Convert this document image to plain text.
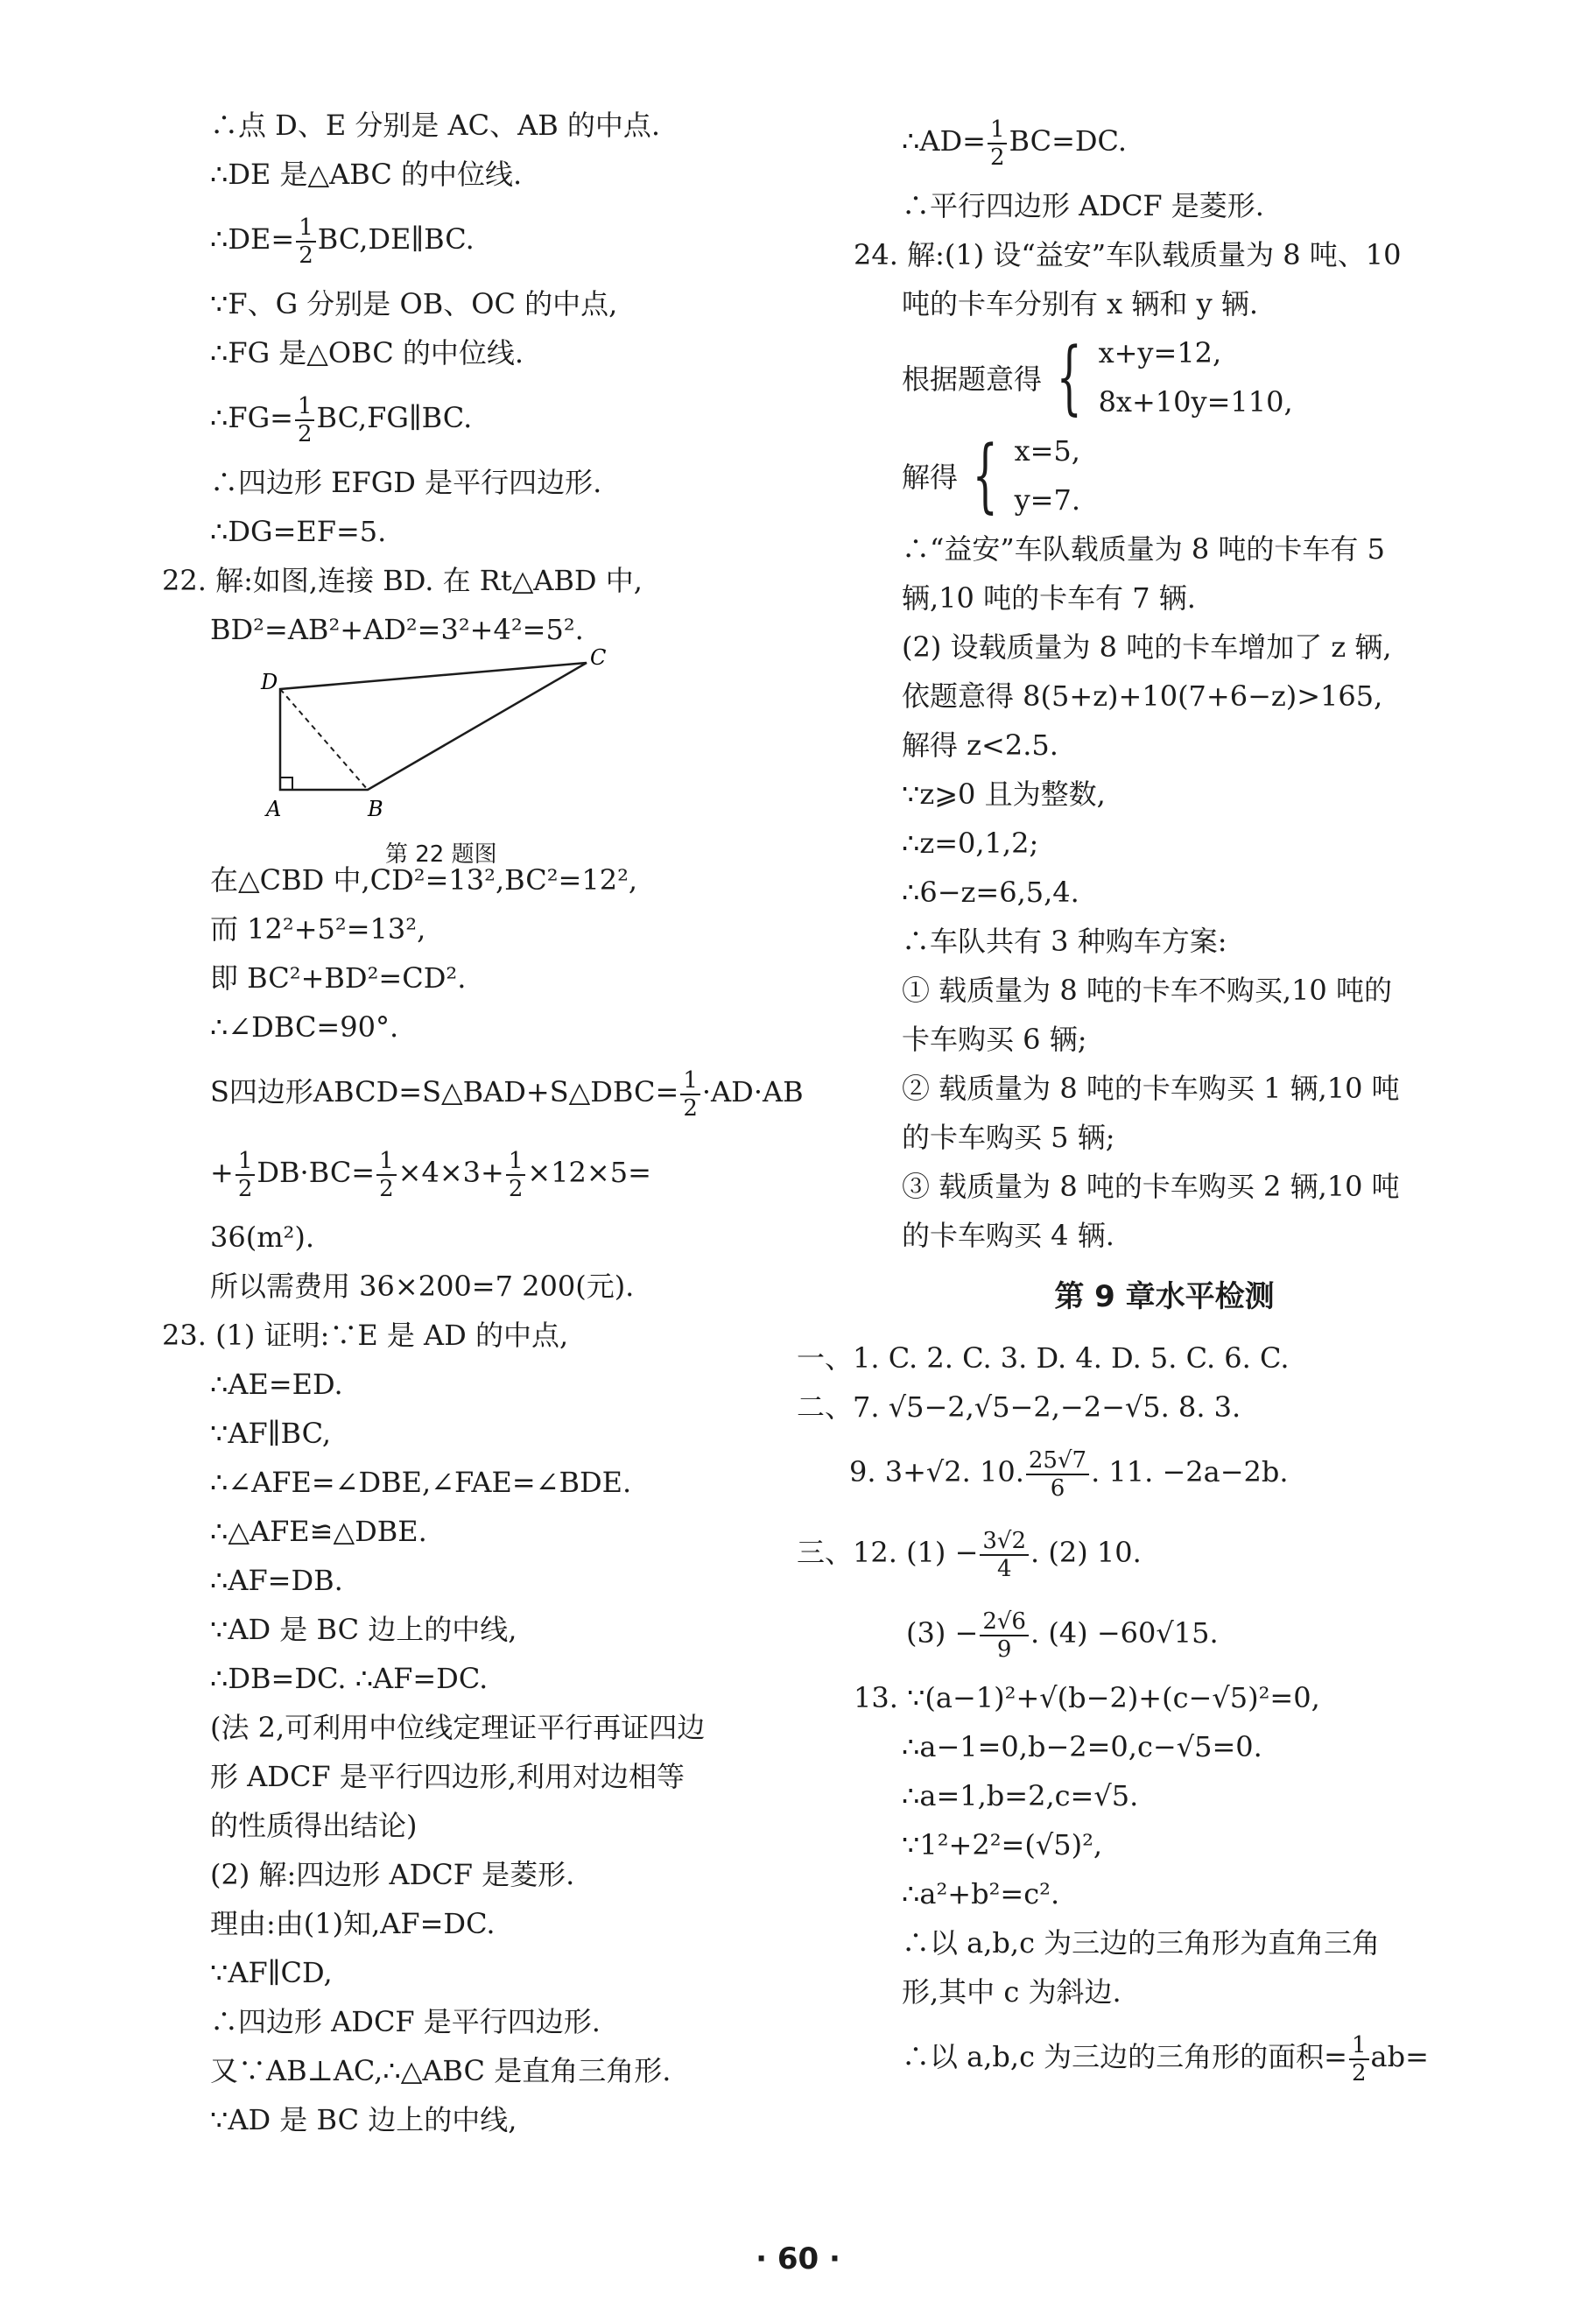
∴点 D、E 分别是 AC、AB 的中点.
∴DE 是△ABC 的中位线.
∴DE= $\frac{1}{2}$ BC,DE∥BC.
∵F、G 分别是 OB、OC 的中点,
∴FG 是△OBC 的中位线.
∴FG= $\frac{1}{2}$ BC,FG∥BC.
∴四边形 EFGD 是平行四边形.
∴DG=EF=5.
22. 解:如图,连接 BD. 在 Rt△ABD 中,
BD²=AB²+AD²=3²+4²=5².
D
C
A	B
第 22 题图
在△CBD 中,CD²=13²,BC²=12²,
而 12²+5²=13²,
即 BC²+BD²=CD².
∴∠DBC=90°.
S四边形ABCD=S△BAD+S△DBC= $\frac{1}{2} \cdot AD\cdot AB$
+ $\frac{1}{2} DB\cdot BC= \frac{1}{2} \times 4\times 3+ \frac{1}{2} \times 12\times 5=$
36(m²).
所以需费用 36×200=7 200(元).
23. (1) 证明:∵E 是 AD 的中点,
∴AE=ED.
∵AF∥BC,
∴∠AFE=∠DBE,∠FAE=∠BDE.
∴△AFE≌△DBE.
∴AF=DB.
∵AD 是 BC 边上的中线,
∴DB=DC. ∴AF=DC.
(法 2,可利用中位线定理证平行再证四边
形 ADCF 是平行四边形,利用对边相等
的性质得出结论)
(2) 解:四边形 ADCF 是菱形.
理由:由(1)知,AF=DC.
∵AF∥CD,
∴四边形 ADCF 是平行四边形.
又∵AB⊥AC,∴△ABC 是直角三角形.
∵AD 是 BC 边上的中线,
∴AD= $\frac{1}{2} BC=DC$.
∴平行四边形 ADCF 是菱形.
24. 解:(1) 设“益安”车队载质量为 8 吨、10
吨的卡车分别有 x 辆和 y 辆.
根据题意得 { x+y=12,
8x+10y=110,
解得 { x=5,
y=7.
∴“益安”车队载质量为 8 吨的卡车有 5
辆,10 吨的卡车有 7 辆.
(2) 设载质量为 8 吨的卡车增加了 z 辆,
依题意得 8(5+z)+10(7+6−z)>165,
解得 z<2.5.
∵z⩾0 且为整数,
∴z=0,1,2;
∴6−z=6,5,4.
∴车队共有 3 种购车方案:
① 载质量为 8 吨的卡车不购买,10 吨的
卡车购买 6 辆;
② 载质量为 8 吨的卡车购买 1 辆,10 吨
的卡车购买 5 辆;
③ 载质量为 8 吨的卡车购买 2 辆,10 吨
的卡车购买 4 辆.
第 9 章水平检测
一、1. C. 2. C. 3. D. 4. D. 5. C. 6. C.
二、7. √5−2,√5−2,−2−√5. 8. 3.
9. 3+√2. 10. $\frac{25√7}{6}$ . 11. −2a−2b.
三、12. $(1) - \frac{3√2}{4}$ . (2) 10.
$(3) - \frac{2√6}{9}$ . (4) −60√15.
13. ∵(a−1)²+√(b−2)+(c−√5)²=0,
∴a−1=0,b−2=0,c−√5=0.
∴a=1,b=2,c=√5.
∵1²+2²=(√5)²,
∴a²+b²=c².
∴以 a,b,c 为三边的三角形为直角三角
形,其中 c 为斜边.
∴以 a,b,c 为三边的三角形的面积= $\frac{1}{2} ab=$
· 60 ·
